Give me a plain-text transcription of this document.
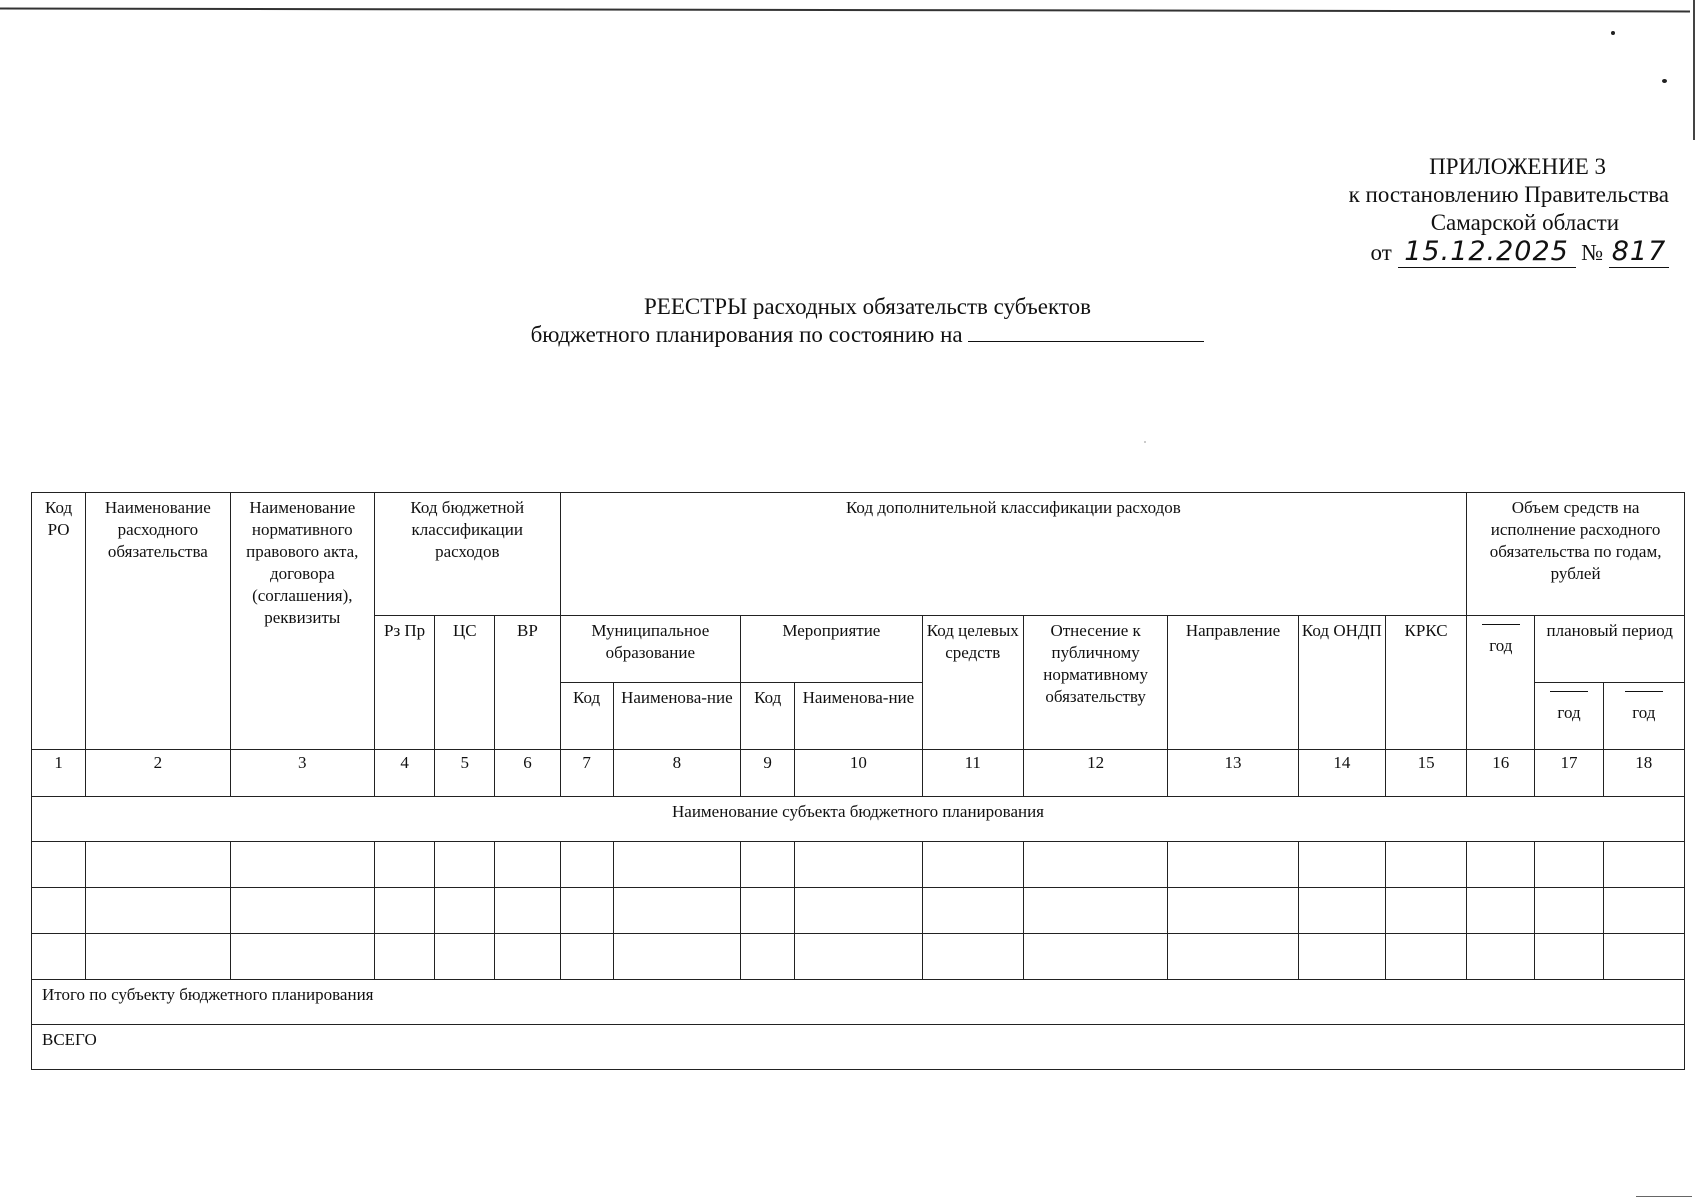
ПРИЛОЖЕНИЕ 3
к постановлению Правительства
Самарской области
от 15.12.2025 № 817
РЕЕСТРЫ расходных обязательств субъектов
бюджетного планирования по состоянию на
Код РО	Наименование расходного обязательства	Наименование нормативного правового акта, договора (соглашения), реквизиты	Код бюджетной классификации расходов			Код дополнительной классификации расходов									Объем средств на исполнение расходного обязательства по годам, рублей		
			Рз Пр	ЦС	ВР	Муниципальное образование		Мероприятие		Код целевых средств	Отнесение к публичному нормативному обязательству	Направление	Код ОНДП	КРКС	год	плановый период	
						Код	Наименова-ние	Код	Наименова-ние							год	год
1	2	3	4	5	6	7	8	9	10	11	12	13	14	15	16	17	18
Наименование субъекта бюджетного планирования																	

Итого по субъекту бюджетного планирования																	
ВСЕГО																	
